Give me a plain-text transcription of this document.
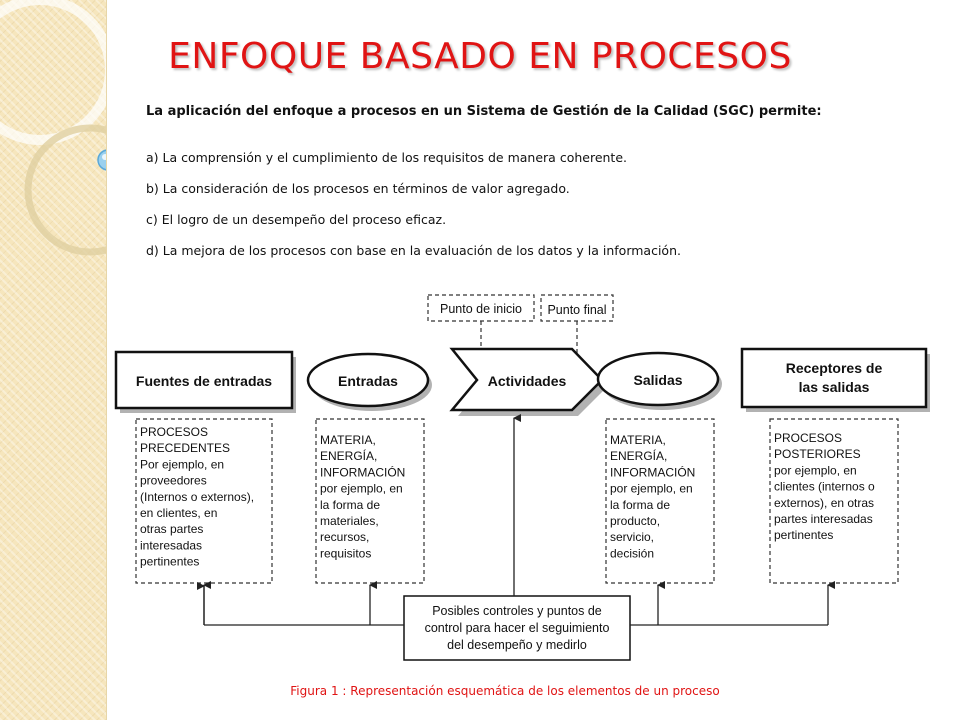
ENFOQUE BASADO EN PROCESOS

La aplicación del enfoque a procesos en un Sistema de Gestión de la Calidad (SGC) permite:

a) La comprensión y el cumplimiento de los requisitos de manera coherente.
b) La consideración de los procesos en términos de valor agregado.
c) El logro de un desempeño del proceso eficaz.
d) La mejora de los procesos con base en la evaluación de los datos y la información.
Punto de inicio Punto final
Fuentes de entradas	Entradas	Actividades	Salidas
Receptores de
las salidas
PROCESOS
PRECEDENTES
Por ejemplo, en
proveedores
(Internos o externos),
en clientes, en
otras partes
interesadas
pertinentes
MATERIA,
ENERGÍA,
INFORMACIÓN
por ejemplo, en
la forma de
materiales,
recursos,
requisitos
MATERIA,
ENERGÍA,
INFORMACIÓN
por ejemplo, en
la forma de
producto,
servicio,
decisión
PROCESOS
POSTERIORES
por ejemplo, en
clientes (internos o
externos), en otras
partes interesadas
pertinentes
Posibles controles y puntos de
control para hacer el seguimiento
del desempeño y medirlo

Figura 1 : Representación esquemática de los elementos de un proceso
